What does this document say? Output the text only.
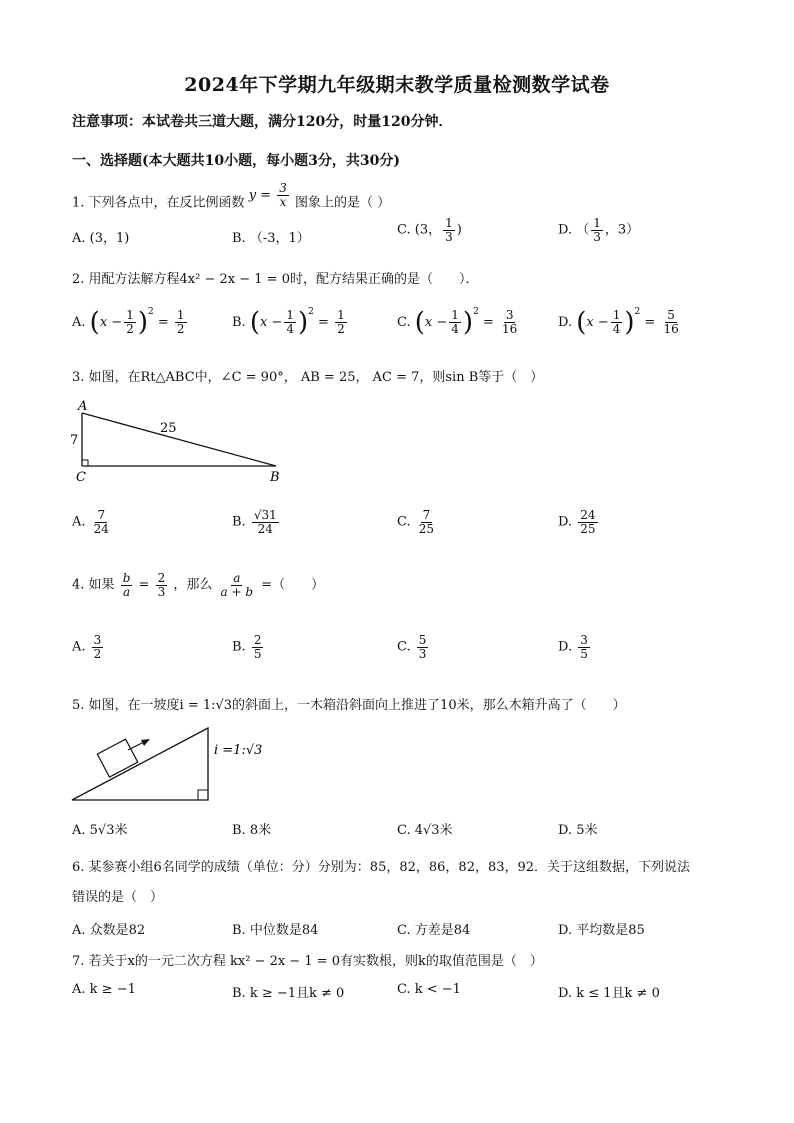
2024年下学期九年级期末教学质量检测数学试卷
注意事项：本试卷共三道大题，满分120分，时量120分钟．
一、选择题(本大题共10小题，每小题3分，共30分)
1. 下列各点中，在反比例函数 $y = \frac{3}{x}$ 图象上的是（ ）
A. (3，1)	B. （-3，1）
C. (3， $\frac{1}{3}$ )	D. （ $\frac{1}{3}$ ，3）
2. 用配方法解方程4x² − 2x − 1 = 0时，配方结果正确的是（　　）．
A. $(x - \frac{1}{2} )^2 = \frac{1}{2}$	B. $(x - \frac{1}{4} )^2 = \frac{1}{2}$	C. $(x - \frac{1}{4} )^2 = \frac{3}{16}$	D. $(x - \frac{1}{4} )^2 = \frac{5}{16}$
3. 如图，在Rt△ABC中，∠C = 90°， AB = 25， AC = 7，则sin B等于（　）
A
C	B
7
25
A. $\frac{7}{24}$	B. $\frac{√31}{24}$	C. $\frac{7}{25}$	D. $\frac{24}{25}$
4. 如果 $\frac{b}{a} = \frac{2}{3}$ ，那么 $\frac{a}{a + b}$ =（　　）
A. $\frac{3}{2}$	B. $\frac{2}{5}$	C. $\frac{5}{3}$	D. $\frac{3}{5}$
5. 如图，在一坡度i = 1:√3的斜面上，一木箱沿斜面向上推进了10米，那么木箱升高了（　　）
i =1:√3
A. 5√3米	B. 8米	C. 4√3米	D. 5米
6. 某参赛小组6名同学的成绩（单位：分）分别为：85，82，86，82，83，92．关于这组数据，下列说法
错误的是（　）
A. 众数是82	B. 中位数是84	C. 方差是84	D. 平均数是85
7. 若关于x的一元二次方程 kx² − 2x − 1 = 0有实数根，则k的取值范围是（　）
A. k ≥ −1	B. k ≥ −1且k ≠ 0	C. k < −1	D. k ≤ 1且k ≠ 0
